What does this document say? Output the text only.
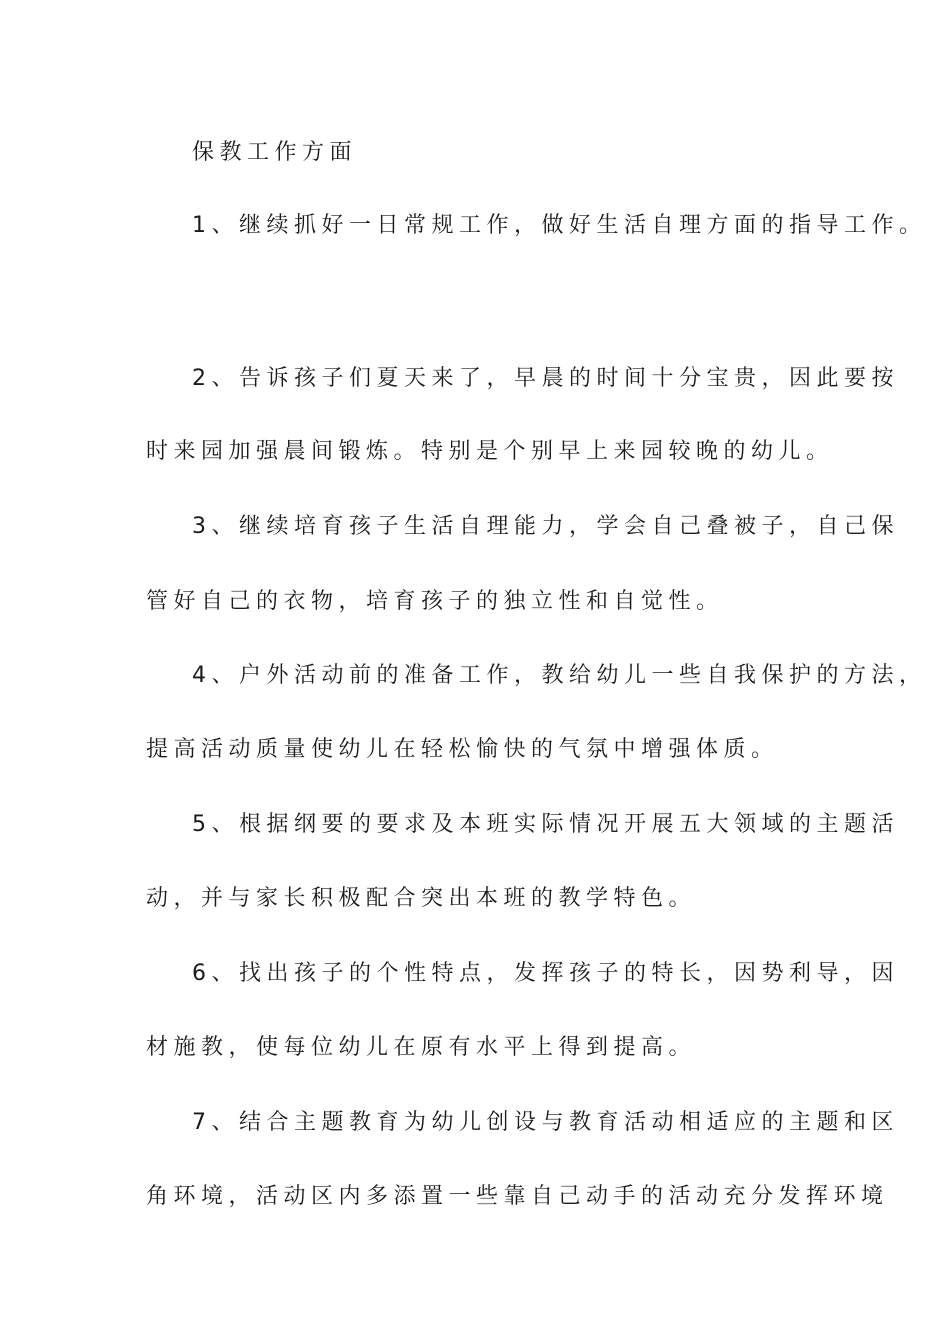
保教工作方面
1、继续抓好一日常规工作，做好生活自理方面的指导工作。
2、告诉孩子们夏天来了，早晨的时间十分宝贵，因此要按
时来园加强晨间锻炼。特别是个别早上来园较晚的幼儿。
3、继续培育孩子生活自理能力，学会自己叠被子，自己保
管好自己的衣物，培育孩子的独立性和自觉性。
4、户外活动前的准备工作，教给幼儿一些自我保护的方法，
提高活动质量使幼儿在轻松愉快的气氛中增强体质。
5、根据纲要的要求及本班实际情况开展五大领域的主题活
动，并与家长积极配合突出本班的教学特色。
6、找出孩子的个性特点，发挥孩子的特长，因势利导，因
材施教，使每位幼儿在原有水平上得到提高。
7、结合主题教育为幼儿创设与教育活动相适应的主题和区
角环境，活动区内多添置一些靠自己动手的活动充分发挥环境
